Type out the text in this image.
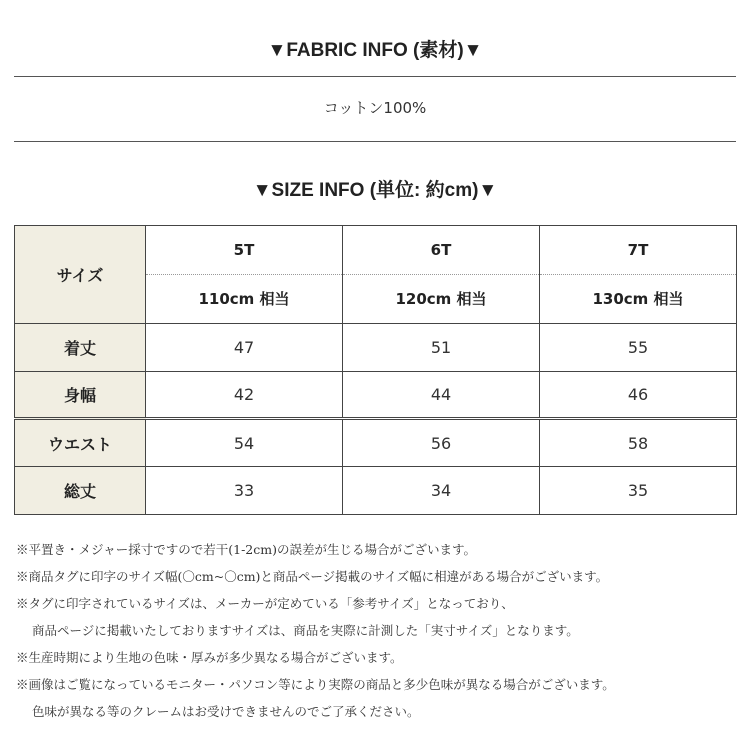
▼FABRIC INFO (素材)▼
コットン100%
▼SIZE INFO (単位: 約cm)▼
サイズ	5T	6T	7T
	110cm 相当	120cm 相当	130cm 相当
着丈	47	51	55
身幅	42	44	46
ウエスト	54	56	58
総丈	33	34	35
※平置き・メジャー採寸ですので若干(1-2cm)の誤差が生じる場合がございます。
※商品タグに印字のサイズ幅(〇cm~〇cm)と商品ページ掲載のサイズ幅に相違がある場合がございます。
※タグに印字されているサイズは、メーカーが定めている「参考サイズ」となっており、
商品ページに掲載いたしておりますサイズは、商品を実際に計測した「実寸サイズ」となります。
※生産時期により生地の色味・厚みが多少異なる場合がございます。
※画像はご覧になっているモニター・パソコン等により実際の商品と多少色味が異なる場合がございます。
色味が異なる等のクレームはお受けできませんのでご了承ください。
